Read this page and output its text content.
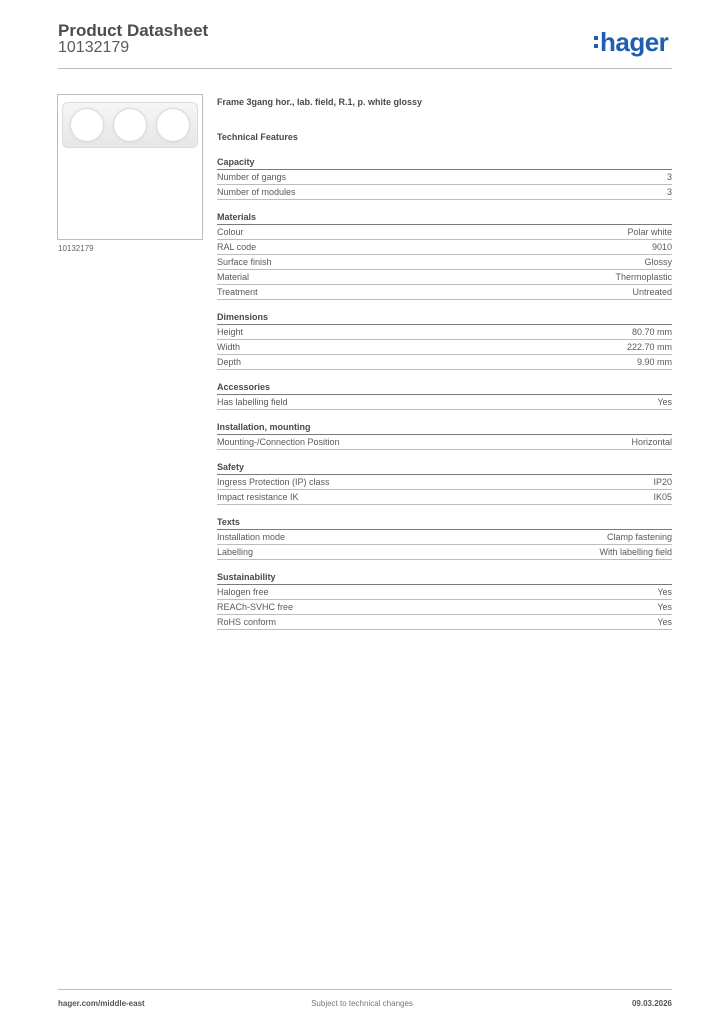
Product Datasheet
10132179	hager
10132179
Frame 3gang hor., lab. field, R.1, p. white glossy
Technical Features
Capacity
Number of gangs	3
Number of modules	3
Materials
Colour	Polar white
RAL code	9010
Surface finish	Glossy
Material	Thermoplastic
Treatment	Untreated
Dimensions
Height	80.70 mm
Width	222.70 mm
Depth	9.90 mm
Accessories
Has labelling field	Yes
Installation, mounting
Mounting-/Connection Position	Horizontal
Safety
Ingress Protection (IP) class	IP20
Impact resistance IK	IK05
Texts
Installation mode	Clamp fastening
Labelling	With labelling field
Sustainability
Halogen free	Yes
REACh-SVHC free	Yes
RoHS conform	Yes
hager.com/middle-east	Subject to technical changes	09.03.2026
